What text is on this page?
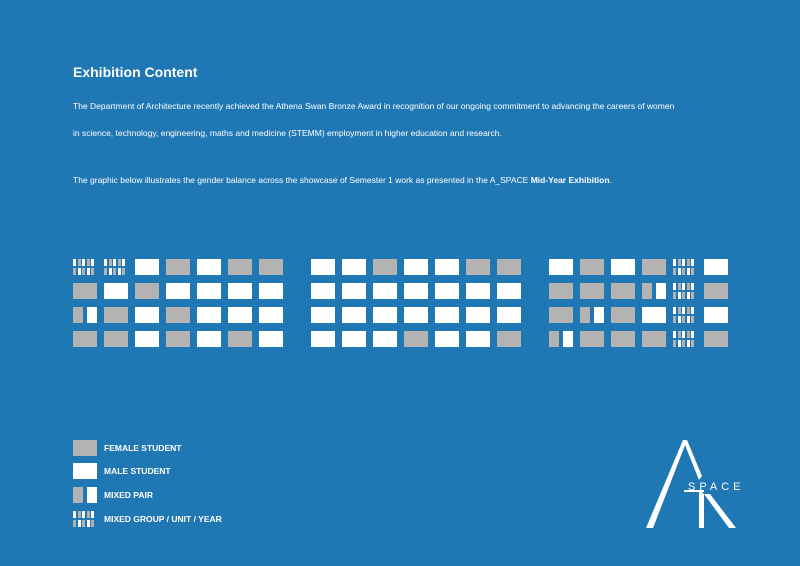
Exhibition Content
The Department of Architecture recently achieved the Athena Swan Bronze Award in recognition of our ongoing commitment to advancing the careers of women
in science, technology, engineering, maths and medicine (STEMM) employment in higher education and research.
The graphic below illustrates the gender balance across the showcase of Semester 1 work as presented in the A_SPACE Mid-Year Exhibition.
FEMALE STUDENT
MALE STUDENT
MIXED PAIR
MIXED GROUP / UNIT / YEAR
SPACE
